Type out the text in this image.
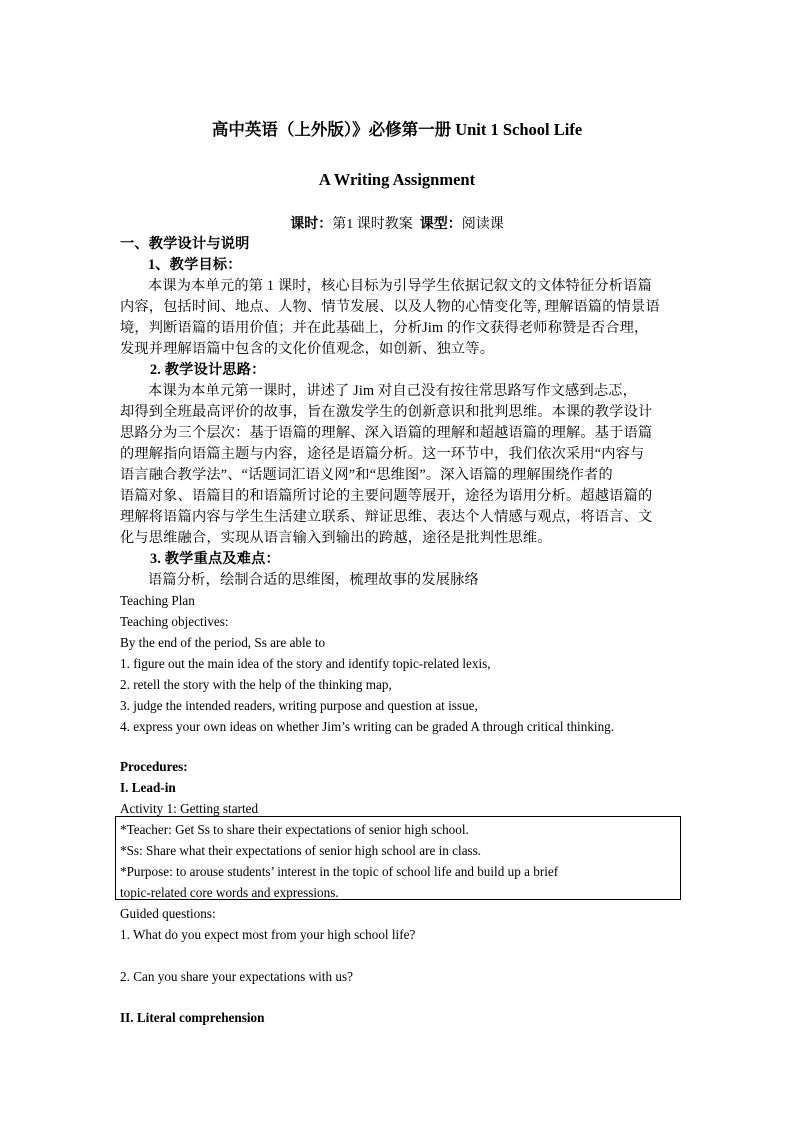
高中英语（上外版）》必修第一册 Unit 1 School Life
A Writing Assignment
课时：第1 课时教案 课型：阅读课
一、教学设计与说明
1、教学目标：
本课为本单元的第 1 课时，核心目标为引导学生依据记叙文的文体特征分析语篇
内容，包括时间、地点、人物、情节发展、以及人物的心情变化等, 理解语篇的情景语
境，判断语篇的语用价值；并在此基础上，分析Jim 的作文获得老师称赞是否合理，
发现并理解语篇中包含的文化价值观念，如创新、独立等。
2. 教学设计思路：
本课为本单元第一课时，讲述了 Jim 对自己没有按往常思路写作文感到忐忑，
却得到全班最高评价的故事，旨在激发学生的创新意识和批判思维。本课的教学设计
思路分为三个层次：基于语篇的理解、深入语篇的理解和超越语篇的理解。基于语篇
的理解指向语篇主题与内容，途径是语篇分析。这一环节中，我们依次采用“内容与
语言融合教学法”、“话题词汇语义网”和“思维图”。深入语篇的理解围绕作者的
语篇对象、语篇目的和语篇所讨论的主要问题等展开，途径为语用分析。超越语篇的
理解将语篇内容与学生生活建立联系、辩证思维、表达个人情感与观点，将语言、文
化与思维融合，实现从语言输入到输出的跨越，途径是批判性思维。
3. 教学重点及难点：
语篇分析，绘制合适的思维图，梳理故事的发展脉络
Teaching Plan
Teaching objectives:
By the end of the period, Ss are able to
1. figure out the main idea of the story and identify topic-related lexis,
2. retell the story with the help of the thinking map,
3. judge the intended readers, writing purpose and question at issue,
4. express your own ideas on whether Jim’s writing can be graded A through critical thinking.
Procedures:
I. Lead-in
Activity 1: Getting started
*Teacher: Get Ss to share their expectations of senior high school.
*Ss: Share what their expectations of senior high school are in class.
*Purpose: to arouse students’ interest in the topic of school life and build up a brief
topic-related core words and expressions.
Guided questions:
1. What do you expect most from your high school life?
2. Can you share your expectations with us?
II. Literal comprehension
